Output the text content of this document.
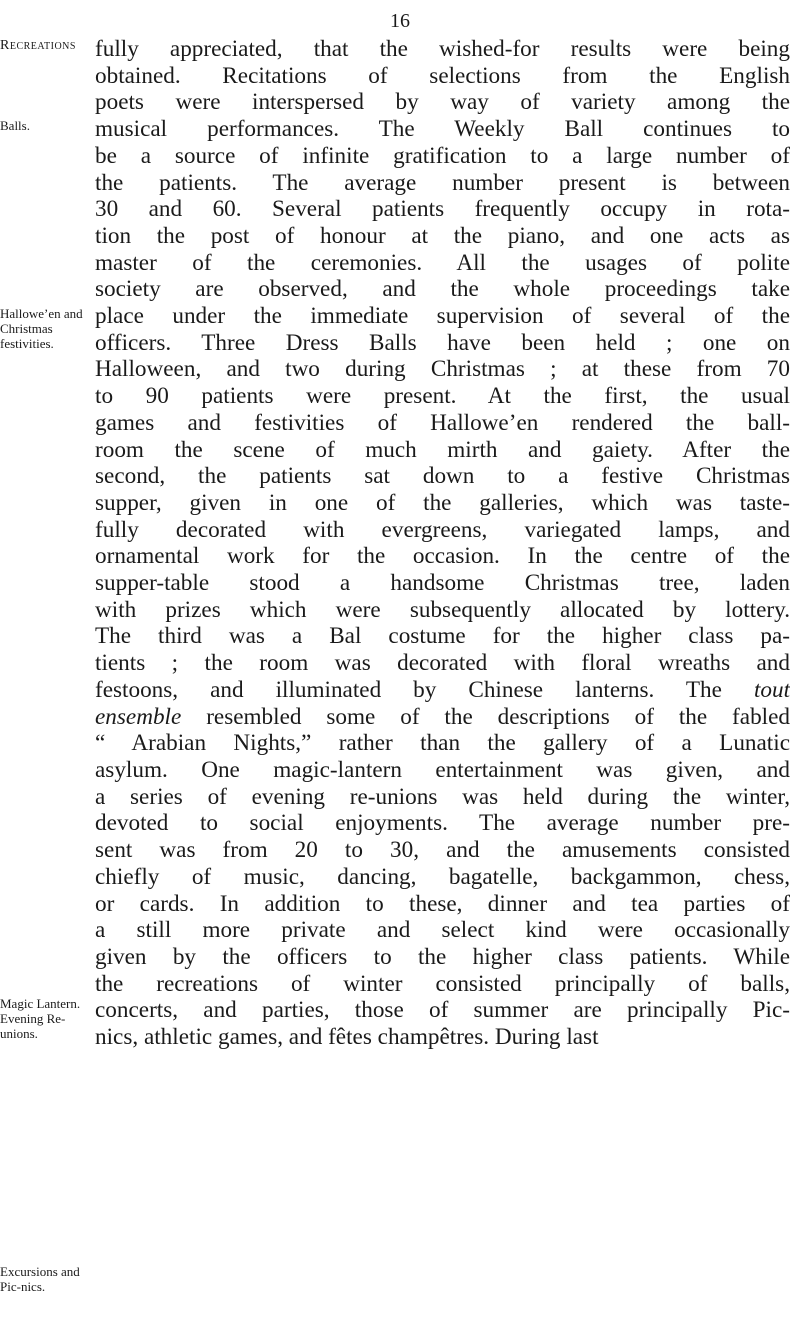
16
Recreations
Balls.
Hallowe’en and Christmas festivities.
Magic Lantern. Evening Re-unions.
Excursions and Pic-nics.
fully appreciated, that the wished-for results were being
obtained. Recitations of selections from the English
poets were interspersed by way of variety among the
musical performances. The Weekly Ball continues to
be a source of infinite gratification to a large number of
the patients. The average number present is between
30 and 60. Several patients frequently occupy in rota-
tion the post of honour at the piano, and one acts as
master of the ceremonies. All the usages of polite
society are observed, and the whole proceedings take
place under the immediate supervision of several of the
officers. Three Dress Balls have been held ; one on
Halloween, and two during Christmas ; at these from 70
to 90 patients were present. At the first, the usual
games and festivities of Hallowe’en rendered the ball-
room the scene of much mirth and gaiety. After the
second, the patients sat down to a festive Christmas
supper, given in one of the galleries, which was taste-
fully decorated with evergreens, variegated lamps, and
ornamental work for the occasion. In the centre of the
supper-table stood a handsome Christmas tree, laden
with prizes which were subsequently allocated by lottery.
The third was a Bal costume for the higher class pa-
tients ; the room was decorated with floral wreaths and
festoons, and illuminated by Chinese lanterns. The tout
ensemble resembled some of the descriptions of the fabled
“ Arabian Nights,” rather than the gallery of a Lunatic
asylum. One magic-lantern entertainment was given, and
a series of evening re-unions was held during the winter,
devoted to social enjoyments. The average number pre-
sent was from 20 to 30, and the amusements consisted
chiefly of music, dancing, bagatelle, backgammon, chess,
or cards. In addition to these, dinner and tea parties of
a still more private and select kind were occasionally
given by the officers to the higher class patients. While
the recreations of winter consisted principally of balls,
concerts, and parties, those of summer are principally Pic-
nics, athletic games, and fêtes champêtres. During last
